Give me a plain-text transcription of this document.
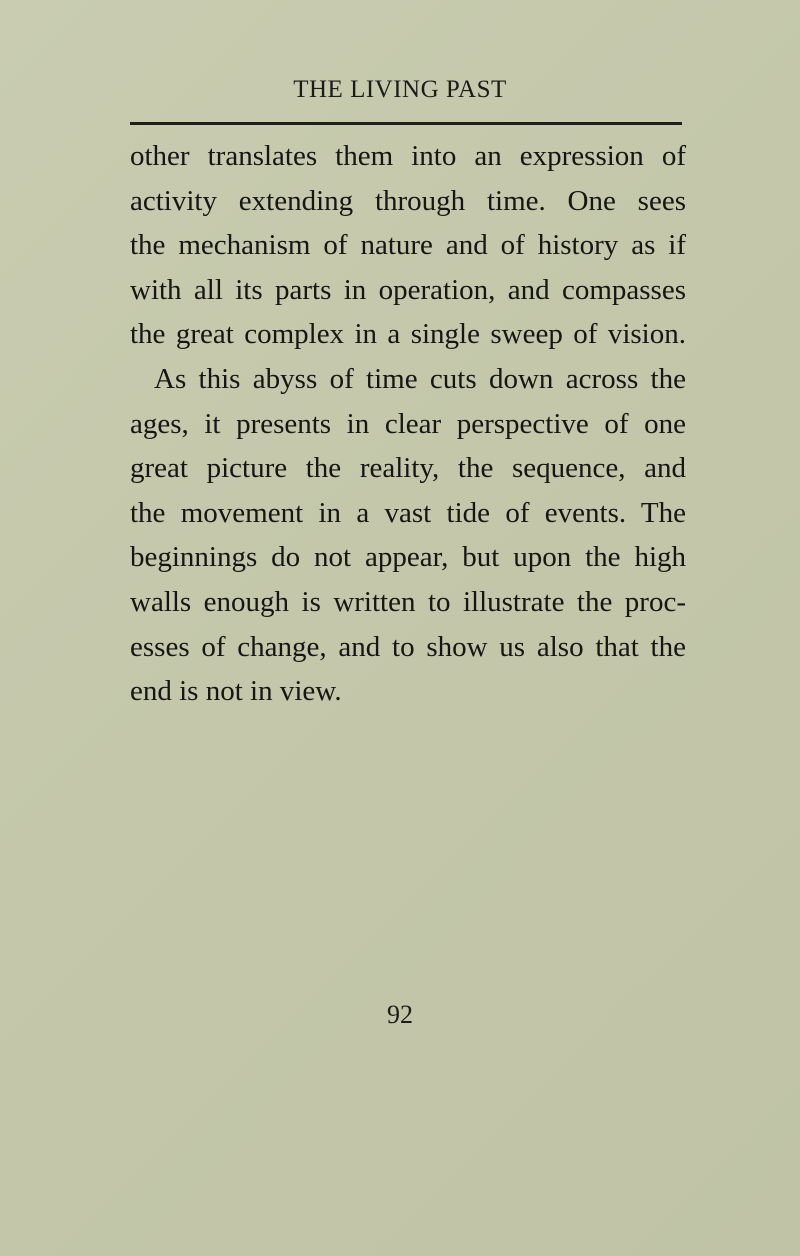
THE LIVING PAST
other translates them into an expression of
activity extending through time. One sees
the mechanism of nature and of history as if
with all its parts in operation, and compasses
the great complex in a single sweep of vision.
As this abyss of time cuts down across the
ages, it presents in clear perspective of one
great picture the reality, the sequence, and
the movement in a vast tide of events. The
beginnings do not appear, but upon the high
walls enough is written to illustrate the proc-
esses of change, and to show us also that the
end is not in view.
92
